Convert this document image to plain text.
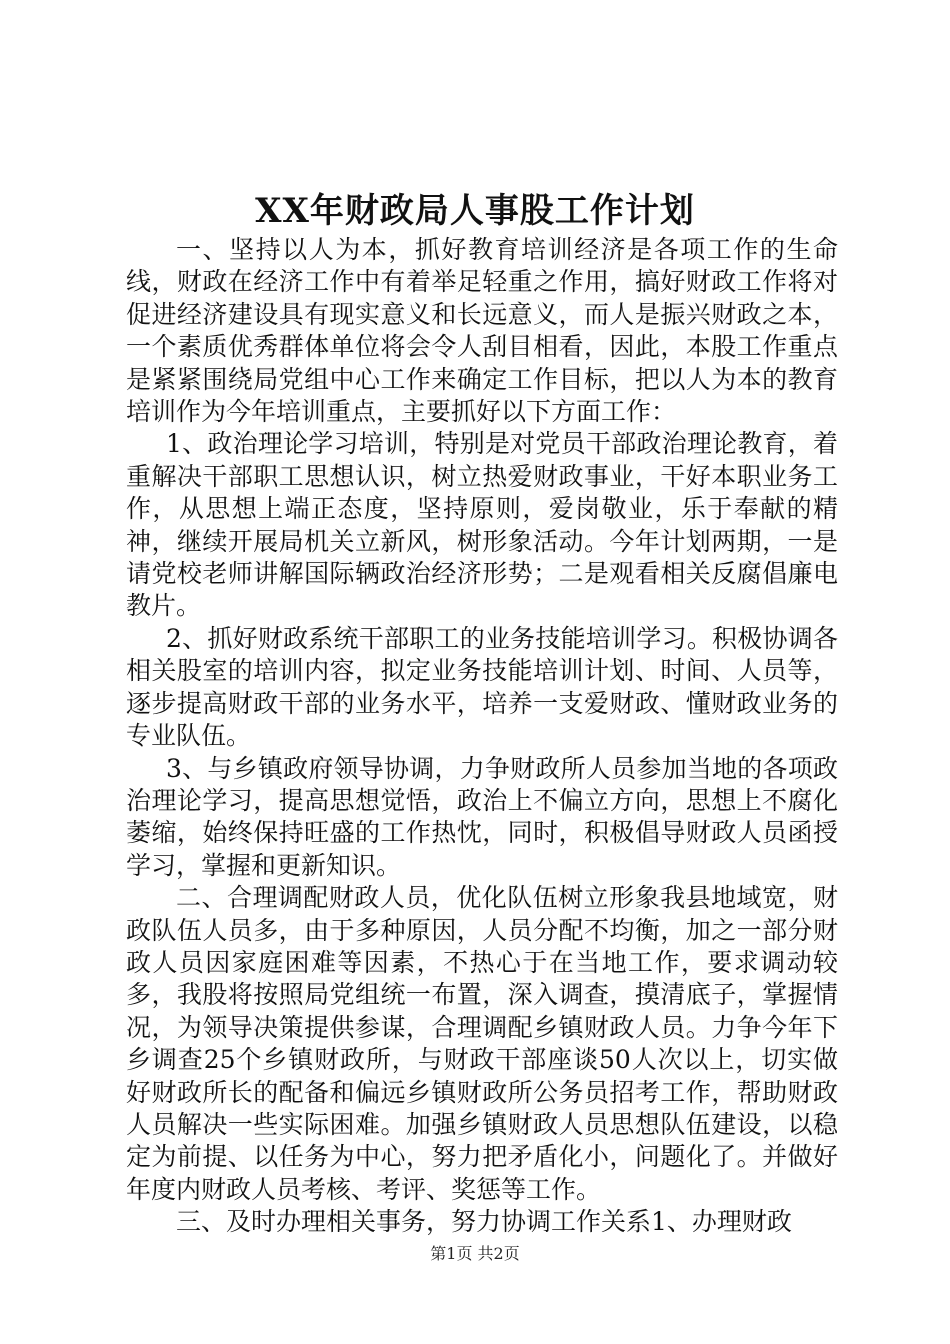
XX年财政局人事股工作计划

一、坚持以人为本，抓好教育培训经济是各项工作的生命线，财政在经济工作中有着举足轻重之作用，搞好财政工作将对促进经济建设具有现实意义和长远意义，而人是振兴财政之本，一个素质优秀群体单位将会令人刮目相看，因此，本股工作重点是紧紧围绕局党组中心工作来确定工作目标，把以人为本的教育培训作为今年培训重点，主要抓好以下方面工作：

1、政治理论学习培训，特别是对党员干部政治理论教育，着重解决干部职工思想认识，树立热爱财政事业，干好本职业务工作，从思想上端正态度，坚持原则，爱岗敬业，乐于奉献的精神，继续开展局机关立新风，树形象活动。今年计划两期，一是请党校老师讲解国际辆政治经济形势；二是观看相关反腐倡廉电教片。

2、抓好财政系统干部职工的业务技能培训学习。积极协调各相关股室的培训内容，拟定业务技能培训计划、时间、人员等，逐步提高财政干部的业务水平，培养一支爱财政、懂财政业务的专业队伍。

3、与乡镇政府领导协调，力争财政所人员参加当地的各项政治理论学习，提高思想觉悟，政治上不偏立方向，思想上不腐化萎缩，始终保持旺盛的工作热忱，同时，积极倡导财政人员函授学习，掌握和更新知识。

二、合理调配财政人员，优化队伍树立形象我县地域宽，财政队伍人员多，由于多种原因，人员分配不均衡，加之一部分财政人员因家庭困难等因素，不热心于在当地工作，要求调动较多，我股将按照局党组统一布置，深入调查，摸清底子，掌握情况，为领导决策提供参谋，合理调配乡镇财政人员。力争今年下乡调查25个乡镇财政所，与财政干部座谈50人次以上，切实做好财政所长的配备和偏远乡镇财政所公务员招考工作，帮助财政人员解决一些实际困难。加强乡镇财政人员思想队伍建设，以稳定为前提、以任务为中心，努力把矛盾化小，问题化了。并做好年度内财政人员考核、考评、奖惩等工作。

三、及时办理相关事务，努力协调工作关系1、办理财政

第1页 共2页
